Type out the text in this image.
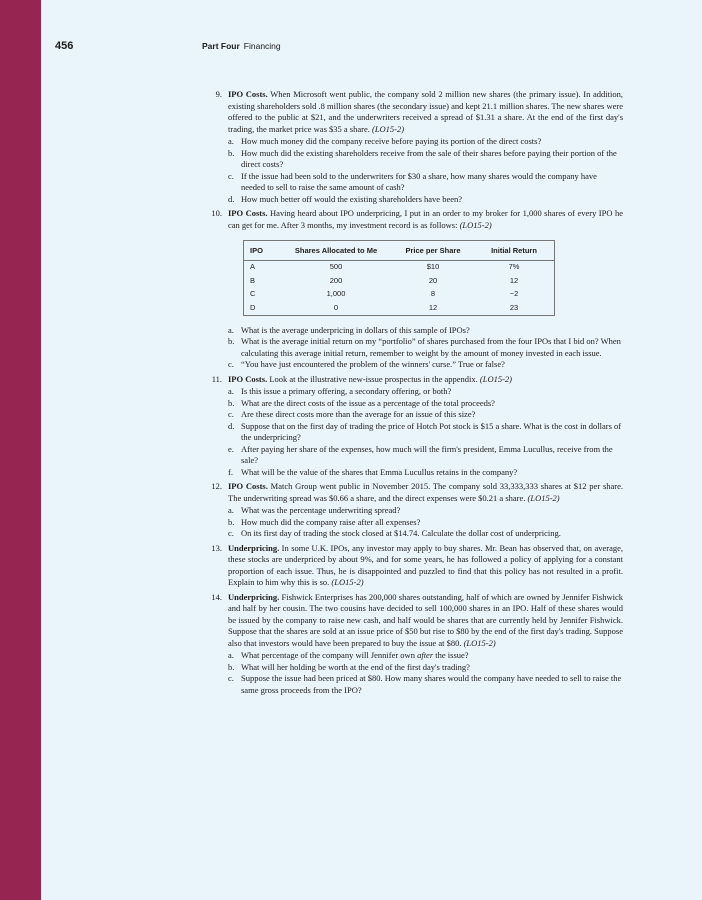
456	Part Four Financing
9. IPO Costs. When Microsoft went public, the company sold 2 million new shares (the primary issue). In addition, existing shareholders sold .8 million shares (the secondary issue) and kept 21.1 million shares. The new shares were offered to the public at $21, and the underwriters received a spread of $1.31 a share. At the end of the first day's trading, the market price was $35 a share. (LO15-2)
a. How much money did the company receive before paying its portion of the direct costs?
b. How much did the existing shareholders receive from the sale of their shares before paying their portion of the direct costs?
c. If the issue had been sold to the underwriters for $30 a share, how many shares would the company have needed to sell to raise the same amount of cash?
d. How much better off would the existing shareholders have been?
10. IPO Costs. Having heard about IPO underpricing, I put in an order to my broker for 1,000 shares of every IPO he can get for me. After 3 months, my investment record is as follows: (LO15-2)
IPO	Shares Allocated to Me	Price per Share	Initial Return
A	500	$10	7%
B	200	20	12
C	1,000	8	−2
D	0	12	23
a. What is the average underpricing in dollars of this sample of IPOs?
b. What is the average initial return on my “portfolio” of shares purchased from the four IPOs that I bid on? When calculating this average initial return, remember to weight by the amount of money invested in each issue.
c. “You have just encountered the problem of the winners' curse.” True or false?
11. IPO Costs. Look at the illustrative new-issue prospectus in the appendix. (LO15-2)
a. Is this issue a primary offering, a secondary offering, or both?
b. What are the direct costs of the issue as a percentage of the total proceeds?
c. Are these direct costs more than the average for an issue of this size?
d. Suppose that on the first day of trading the price of Hotch Pot stock is $15 a share. What is the cost in dollars of the underpricing?
e. After paying her share of the expenses, how much will the firm's president, Emma Lucullus, receive from the sale?
f. What will be the value of the shares that Emma Lucullus retains in the company?
12. IPO Costs. Match Group went public in November 2015. The company sold 33,333,333 shares at $12 per share. The underwriting spread was $0.66 a share, and the direct expenses were $0.21 a share. (LO15-2)
a. What was the percentage underwriting spread?
b. How much did the company raise after all expenses?
c. On its first day of trading the stock closed at $14.74. Calculate the dollar cost of underpricing.
13. Underpricing. In some U.K. IPOs, any investor may apply to buy shares. Mr. Bean has observed that, on average, these stocks are underpriced by about 9%, and for some years, he has followed a policy of applying for a constant proportion of each issue. Thus, he is disappointed and puzzled to find that this policy has not resulted in a profit. Explain to him why this is so. (LO15-2)
14. Underpricing. Fishwick Enterprises has 200,000 shares outstanding, half of which are owned by Jennifer Fishwick and half by her cousin. The two cousins have decided to sell 100,000 shares in an IPO. Half of these shares would be issued by the company to raise new cash, and half would be shares that are currently held by Jennifer Fishwick. Suppose that the shares are sold at an issue price of $50 but rise to $80 by the end of the first day's trading. Suppose also that investors would have been prepared to buy the issue at $80. (LO15-2)
a. What percentage of the company will Jennifer own after the issue?
b. What will her holding be worth at the end of the first day's trading?
c. Suppose the issue had been priced at $80. How many shares would the company have needed to sell to raise the same gross proceeds from the IPO?
